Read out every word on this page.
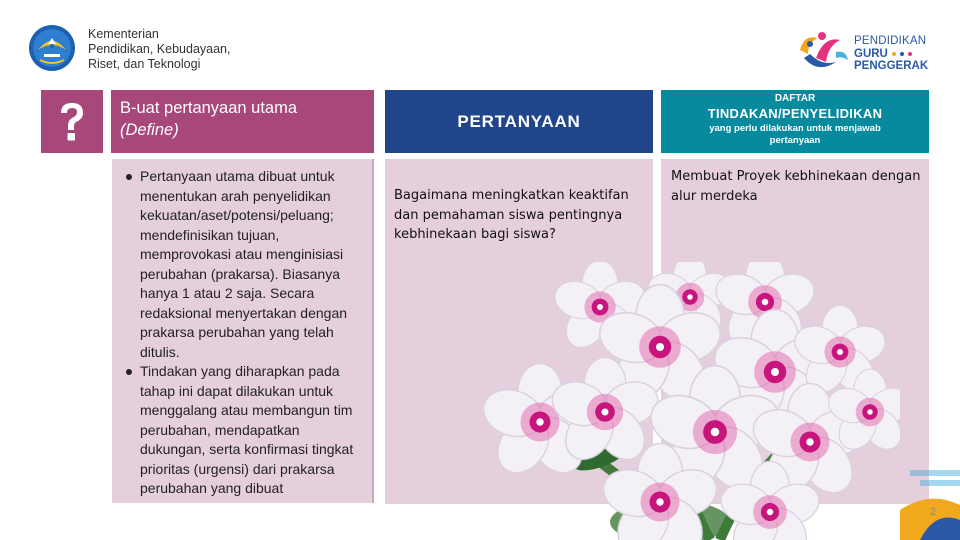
Kementerian
Pendidikan, Kebudayaan,
Riset, dan Teknologi
PENDIDIKAN
GURU
PENGGERAK
B-uat pertanyaan utama
(Define)	PERTANYAAN
DAFTAR
TINDAKAN/PENYELIDIKAN
yang perlu dilakukan untuk menjawab pertanyaan
Pertanyaan utama dibuat untuk menentukan arah penyelidikan kekuatan/aset/potensi/peluang; mendefinisikan tujuan, memprovokasi atau menginisiasi perubahan (prakarsa). Biasanya hanya 1 atau 2 saja. Secara redaksional menyertakan dengan prakarsa perubahan yang telah ditulis.
Tindakan yang diharapkan pada tahap ini dapat dilakukan untuk menggalang atau membangun tim perubahan, mendapatkan dukungan, serta konfirmasi tingkat prioritas (urgensi) dari prakarsa perubahan yang dibuat
Bagaimana meningkatkan keaktifan dan pemahaman siswa pentingnya kebhinekaan bagi siswa?
Membuat Proyek kebhinekaan dengan alur merdeka
2
